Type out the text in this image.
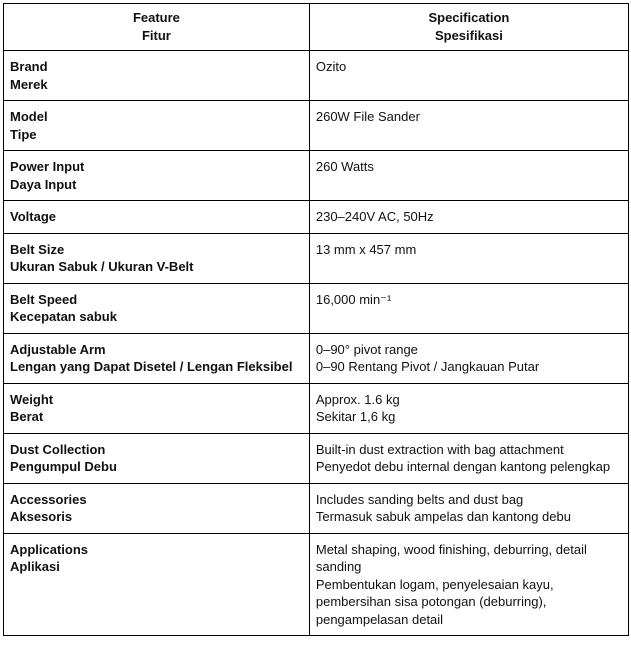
Feature
Fitur	Specification
Spesifikasi

Brand
Merek	Ozito

Model
Tipe	260W File Sander

Power Input
Daya Input	260 Watts

Voltage	230–240V AC, 50Hz

Belt Size
Ukuran Sabuk / Ukuran V-Belt	13 mm x 457 mm

Belt Speed
Kecepatan sabuk	16,000 min⁻¹

Adjustable Arm
Lengan yang Dapat Disetel / Lengan Fleksibel	0–90° pivot range
0–90 Rentang Pivot / Jangkauan Putar

Weight
Berat	Approx. 1.6 kg
Sekitar 1,6 kg

Dust Collection
Pengumpul Debu	Built-in dust extraction with bag attachment
Penyedot debu internal dengan kantong pelengkap

Accessories
Aksesoris	Includes sanding belts and dust bag
Termasuk sabuk ampelas dan kantong debu

Applications
Aplikasi	Metal shaping, wood finishing, deburring, detail sanding
Pembentukan logam, penyelesaian kayu, pembersihan sisa potongan (deburring), pengampelasan detail
